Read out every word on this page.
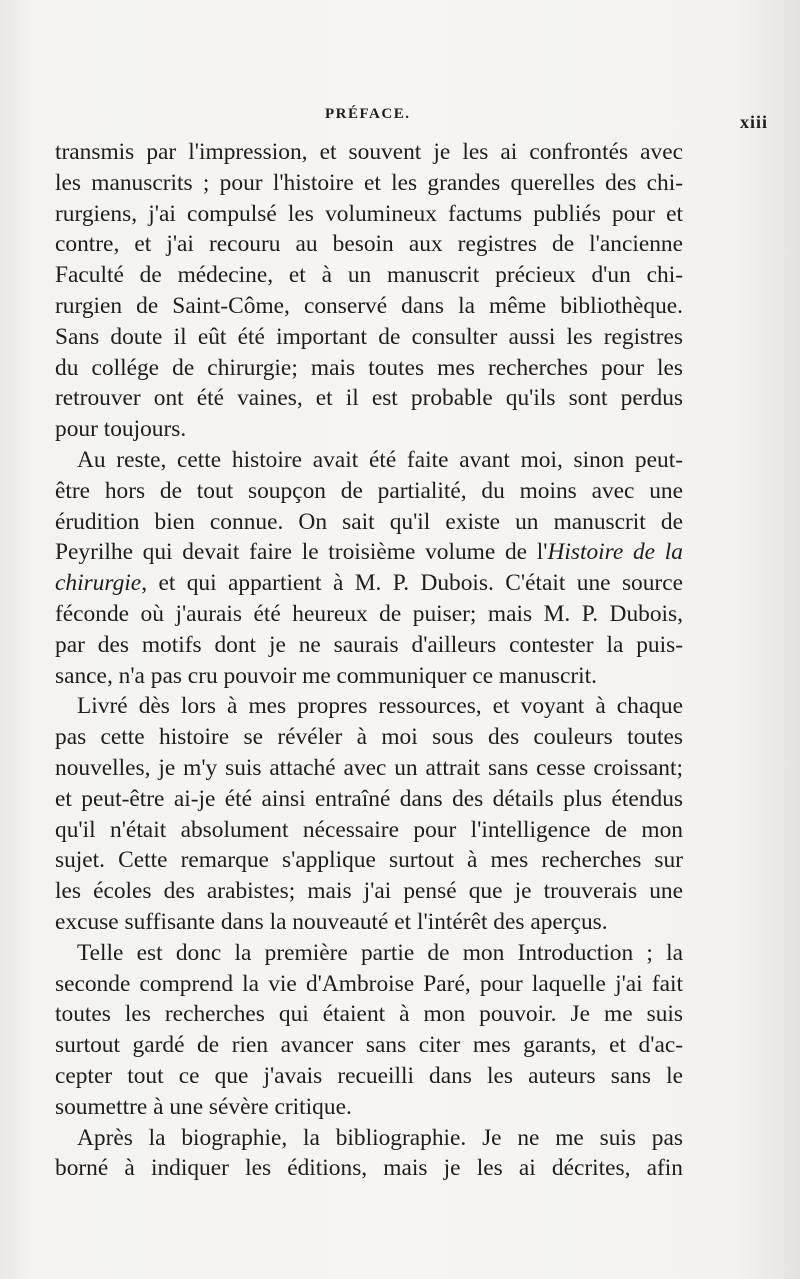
PRÉFACE.	xiii
transmis par l'impression, et souvent je les ai confrontés avec
les manuscrits ; pour l'histoire et les grandes querelles des chi-
rurgiens, j'ai compulsé les volumineux factums publiés pour et
contre, et j'ai recouru au besoin aux registres de l'ancienne
Faculté de médecine, et à un manuscrit précieux d'un chi-
rurgien de Saint-Côme, conservé dans la même bibliothèque.
Sans doute il eût été important de consulter aussi les registres
du collége de chirurgie; mais toutes mes recherches pour les
retrouver ont été vaines, et il est probable qu'ils sont perdus
pour toujours.
Au reste, cette histoire avait été faite avant moi, sinon peut-
être hors de tout soupçon de partialité, du moins avec une
érudition bien connue. On sait qu'il existe un manuscrit de
Peyrilhe qui devait faire le troisième volume de l'Histoire de la
chirurgie, et qui appartient à M. P. Dubois. C'était une source
féconde où j'aurais été heureux de puiser; mais M. P. Dubois,
par des motifs dont je ne saurais d'ailleurs contester la puis-
sance, n'a pas cru pouvoir me communiquer ce manuscrit.
Livré dès lors à mes propres ressources, et voyant à chaque
pas cette histoire se révéler à moi sous des couleurs toutes
nouvelles, je m'y suis attaché avec un attrait sans cesse croissant;
et peut-être ai-je été ainsi entraîné dans des détails plus étendus
qu'il n'était absolument nécessaire pour l'intelligence de mon
sujet. Cette remarque s'applique surtout à mes recherches sur
les écoles des arabistes; mais j'ai pensé que je trouverais une
excuse suffisante dans la nouveauté et l'intérêt des aperçus.
Telle est donc la première partie de mon Introduction ; la
seconde comprend la vie d'Ambroise Paré, pour laquelle j'ai fait
toutes les recherches qui étaient à mon pouvoir. Je me suis
surtout gardé de rien avancer sans citer mes garants, et d'ac-
cepter tout ce que j'avais recueilli dans les auteurs sans le
soumettre à une sévère critique.
Après la biographie, la bibliographie. Je ne me suis pas
borné à indiquer les éditions, mais je les ai décrites, afin
